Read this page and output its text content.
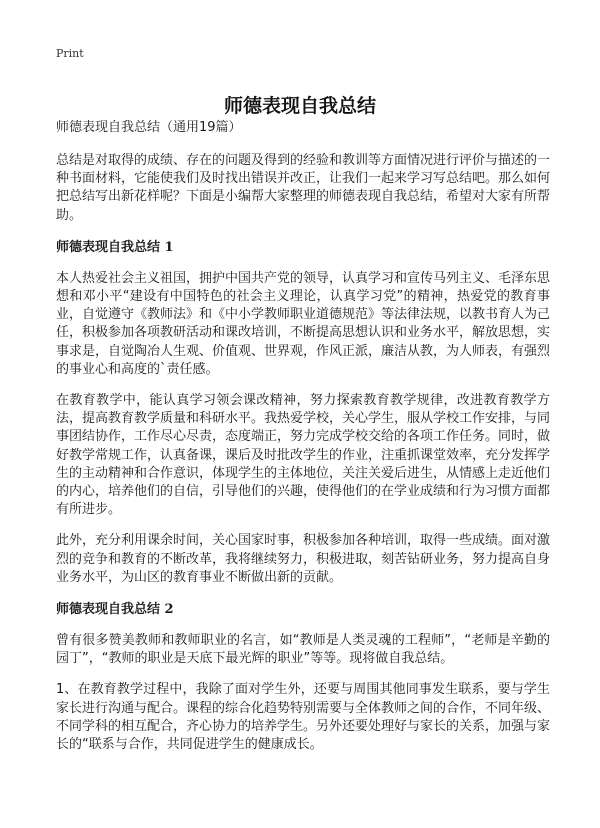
Print
师德表现自我总结
师德表现自我总结（通用19篇）

总结是对取得的成绩、存在的问题及得到的经验和教训等方面情况进行评价与描述的一种书面材料，它能使我们及时找出错误并改正，让我们一起来学习写总结吧。那么如何把总结写出新花样呢？下面是小编帮大家整理的师德表现自我总结，希望对大家有所帮助。

师德表现自我总结 1

本人热爱社会主义祖国，拥护中国共产党的领导，认真学习和宣传马列主义、毛泽东思想和邓小平“建设有中国特色的社会主义理论，认真学习党”的精神，热爱党的教育事业，自觉遵守《教师法》和《中小学教师职业道德规范》等法律法规，以教书育人为己任，积极参加各项教研活动和课改培训，不断提高思想认识和业务水平，解放思想，实事求是，自觉陶冶人生观、价值观、世界观，作风正派，廉洁从教，为人师表，有强烈的事业心和高度的`责任感。

在教育教学中，能认真学习领会课改精神，努力探索教育教学规律，改进教育教学方法，提高教育教学质量和科研水平。我热爱学校，关心学生，服从学校工作安排，与同事团结协作，工作尽心尽责，态度端正，努力完成学校交给的各项工作任务。同时，做好教学常规工作，认真备课，课后及时批改学生的作业，注重抓课堂效率，充分发挥学生的主动精神和合作意识，体现学生的主体地位，关注关爱后进生，从情感上走近他们的内心，培养他们的自信，引导他们的兴趣，使得他们的在学业成绩和行为习惯方面都有所进步。

此外，充分利用课余时间，关心国家时事，积极参加各种培训，取得一些成绩。面对激烈的竞争和教育的不断改革，我将继续努力，积极进取，刻苦钻研业务，努力提高自身业务水平，为山区的教育事业不断做出新的贡献。

师德表现自我总结 2

曾有很多赞美教师和教师职业的名言，如“教师是人类灵魂的工程师”，“老师是辛勤的园丁”，“教师的职业是天底下最光辉的职业”等等。现将做自我总结。

1、在教育教学过程中，我除了面对学生外，还要与周围其他同事发生联系，要与学生家长进行沟通与配合。课程的综合化趋势特别需要与全体教师之间的合作，不同年级、不同学科的相互配合，齐心协力的培养学生。另外还要处理好与家长的关系，加强与家长的“联系与合作，共同促进学生的健康成长。
